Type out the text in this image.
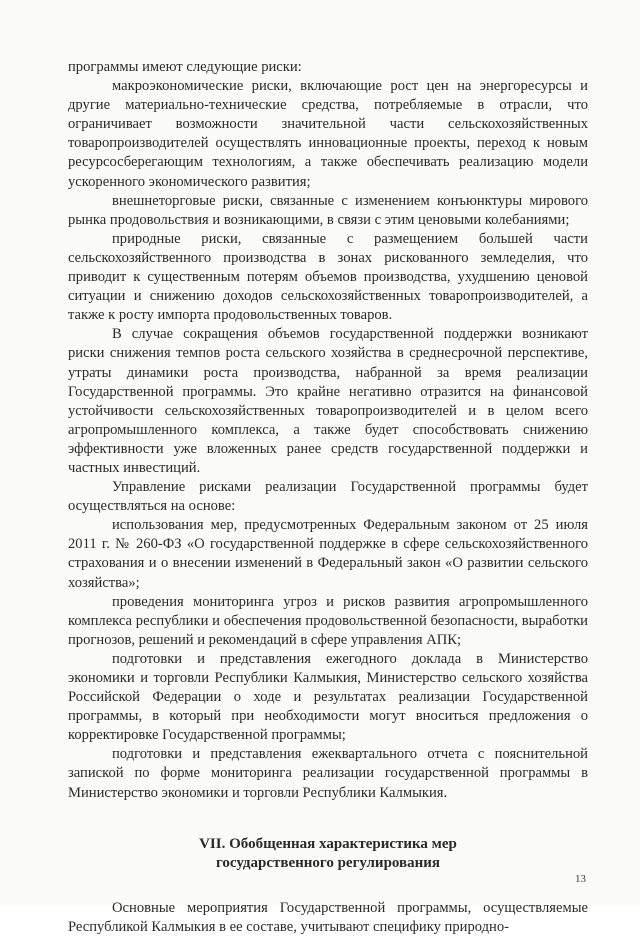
программы имеют следующие риски:

макроэкономические риски, включающие рост цен на энергоресурсы и другие материально-технические средства, потребляемые в отрасли, что ограничивает возможности значительной части сельскохозяйственных товаропроизводителей осуществлять инновационные проекты, переход к новым ресурсосберегающим технологиям, а также обеспечивать реализацию модели ускоренного экономического развития;

внешнеторговые риски, связанные с изменением конъюнктуры мирового рынка продовольствия и возникающими, в связи с этим ценовыми колебаниями;

природные риски, связанные с размещением большей части сельскохозяйственного производства в зонах рискованного земледелия, что приводит к существенным потерям объемов производства, ухудшению ценовой ситуации и снижению доходов сельскохозяйственных товаропроизводителей, а также к росту импорта продовольственных товаров.

В случае сокращения объемов государственной поддержки возникают риски снижения темпов роста сельского хозяйства в среднесрочной перспективе, утраты динамики роста производства, набранной за время реализации Государственной программы. Это крайне негативно отразится на финансовой устойчивости сельскохозяйственных товаропроизводителей и в целом всего агропромышленного комплекса, а также будет способствовать снижению эффективности уже вложенных ранее средств государственной поддержки и частных инвестиций.

Управление рисками реализации Государственной программы будет осуществляться на основе:

использования мер, предусмотренных Федеральным законом от 25 июля 2011 г. № 260-ФЗ «О государственной поддержке в сфере сельскохозяйственного страхования и о внесении изменений в Федеральный закон «О развитии сельского хозяйства»;

проведения мониторинга угроз и рисков развития агропромышленного комплекса республики и обеспечения продовольственной безопасности, выработки прогнозов, решений и рекомендаций в сфере управления АПК;

подготовки и представления ежегодного доклада в Министерство экономики и торговли Республики Калмыкия, Министерство сельского хозяйства Российской Федерации о ходе и результатах реализации Государственной программы, в который при необходимости могут вноситься предложения о корректировке Государственной программы;

подготовки и представления ежеквартального отчета с пояснительной запиской по форме мониторинга реализации государственной программы в Министерство экономики и торговли Республики Калмыкия.

VII. Обобщенная характеристика мер
государственного регулирования

Основные мероприятия Государственной программы, осуществляемые Республикой Калмыкия в ее составе, учитывают специфику природно-

13
